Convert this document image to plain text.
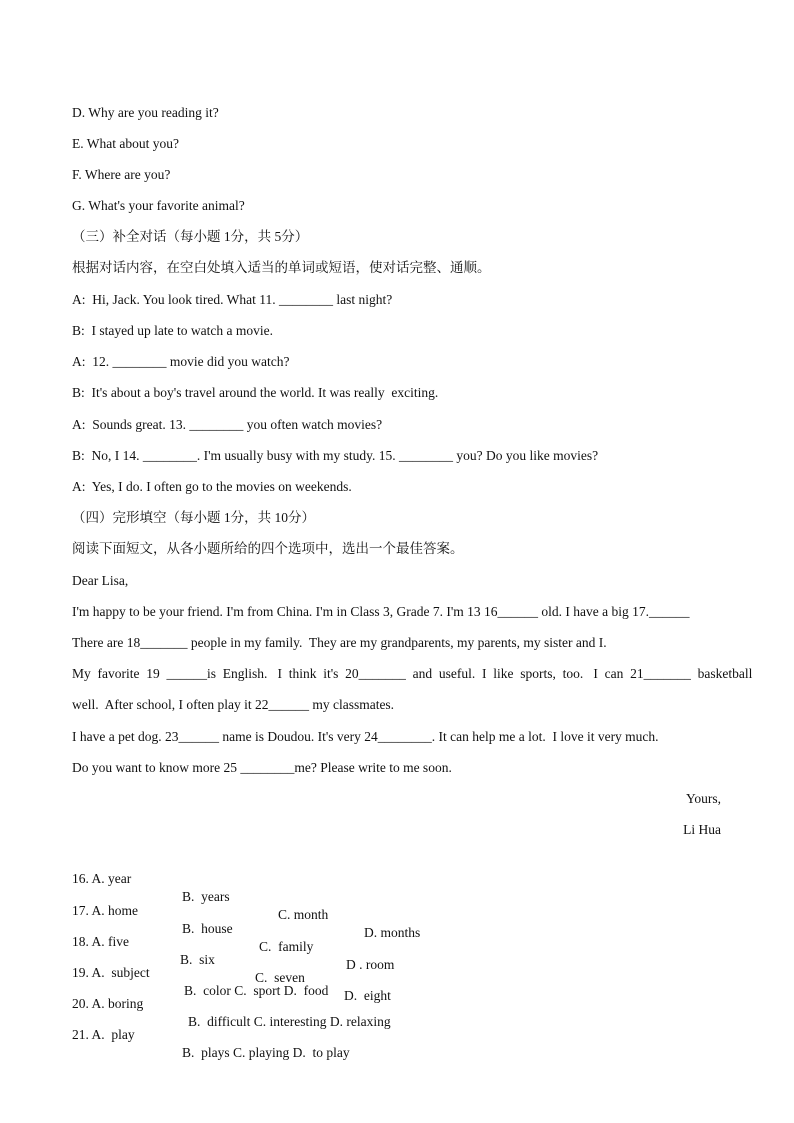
D. Why are you reading it?
E. What about you?
F. Where are you?
G. What's your favorite animal?
（三）补全对话（每小题 1分，共 5分）
根据对话内容，在空白处填入适当的单词或短语，使对话完整、通顺。
A:  Hi, Jack. You look tired. What 11. ________ last night?
B:  I stayed up late to watch a movie.
A:  12. ________ movie did you watch?
B:  It's about a boy's travel around the world. It was really  exciting.
A:  Sounds great. 13. ________ you often watch movies?
B:  No, I 14. ________. I'm usually busy with my study. 15. ________ you? Do you like movies?
A:  Yes, I do. I often go to the movies on weekends.
（四）完形填空（每小题 1分，共 10分）
阅读下面短文，从各小题所给的四个选项中，选出一个最佳答案。
Dear Lisa,
I'm happy to be your friend. I'm from China. I'm in Class 3, Grade 7. I'm 13 16______ old. I have a big 17.______
There are 18_______ people in my family.  They are my grandparents, my parents, my sister and I.
My  favorite  19  ______is  English.   I  think  it's  20_______  and  useful.  I  like  sports,  too.   I  can  21_______  basketball
well.  After school, I often play it 22______ my classmates.
I have a pet dog. 23______ name is Doudou. It's very 24________. It can help me a lot.  I love it very much.
Do you want to know more 25 ________me? Please write to me soon.
Yours,
Li Hua

16. A. year

B.  years

C. month

D. months

17. A. home

B.  house

C.  family

D . room

18. A. five

B.  six

C.  seven

D.  eight

19. A.  subject

B.  color C.  sport D.  food

20. A. boring

B.  difficult C. interesting D. relaxing

21. A.  play

B.  plays C. playing D.  to play
